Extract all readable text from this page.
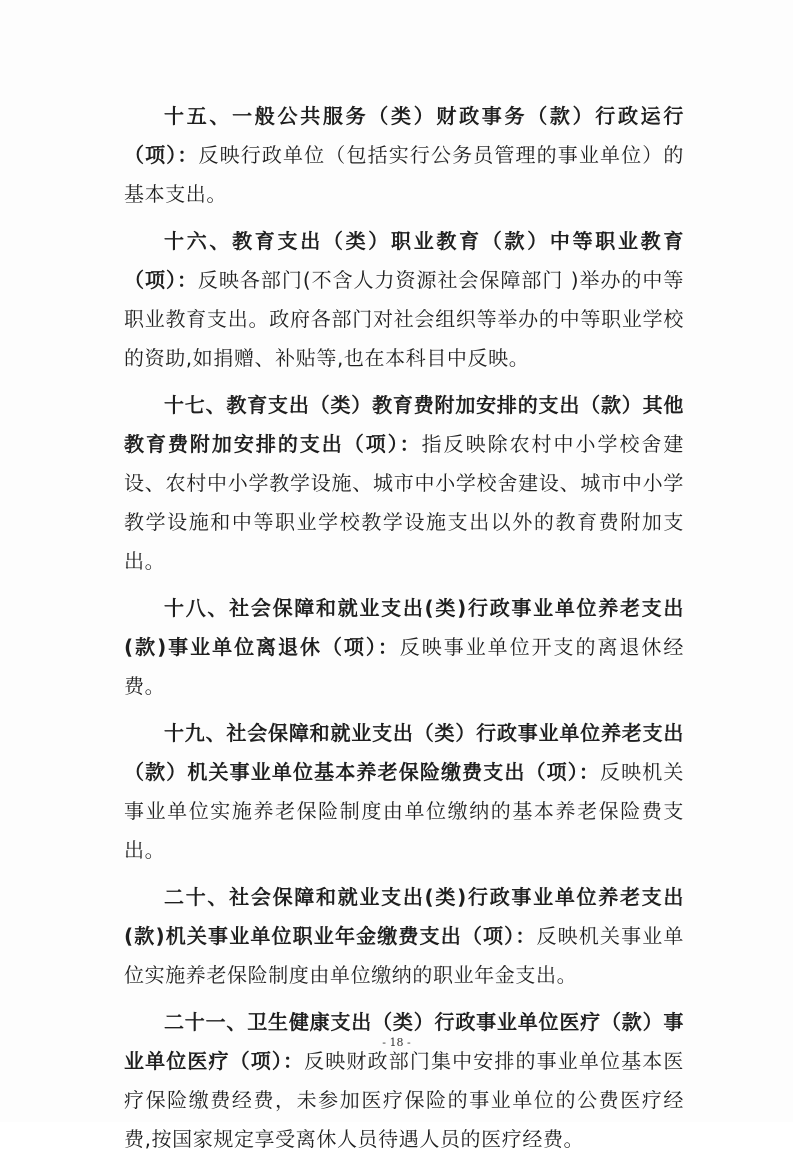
十五、一般公共服务（类）财政事务（款）行政运行（项）：反映行政单位（包括实行公务员管理的事业单位）的基本支出。

十六、教育支出（类）职业教育（款）中等职业教育（项）：反映各部门(不含人力资源社会保障部门 )举办的中等职业教育支出。政府各部门对社会组织等举办的中等职业学校的资助,如捐赠、补贴等,也在本科目中反映。

十七、教育支出（类）教育费附加安排的支出（款）其他教育费附加安排的支出（项）：指反映除农村中小学校舍建设、农村中小学教学设施、城市中小学校舍建设、城市中小学教学设施和中等职业学校教学设施支出以外的教育费附加支出。

十八、社会保障和就业支出(类)行政事业单位养老支出(款)事业单位离退休（项）：反映事业单位开支的离退休经费。

十九、社会保障和就业支出（类）行政事业单位养老支出（款）机关事业单位基本养老保险缴费支出（项）：反映机关事业单位实施养老保险制度由单位缴纳的基本养老保险费支出。

二十、社会保障和就业支出(类)行政事业单位养老支出(款)机关事业单位职业年金缴费支出（项）：反映机关事业单位实施养老保险制度由单位缴纳的职业年金支出。

二十一、卫生健康支出（类）行政事业单位医疗（款）事业单位医疗（项）：反映财政部门集中安排的事业单位基本医疗保险缴费经费，未参加医疗保险的事业单位的公费医疗经费,按国家规定享受离休人员待遇人员的医疗经费。

- 18 -
